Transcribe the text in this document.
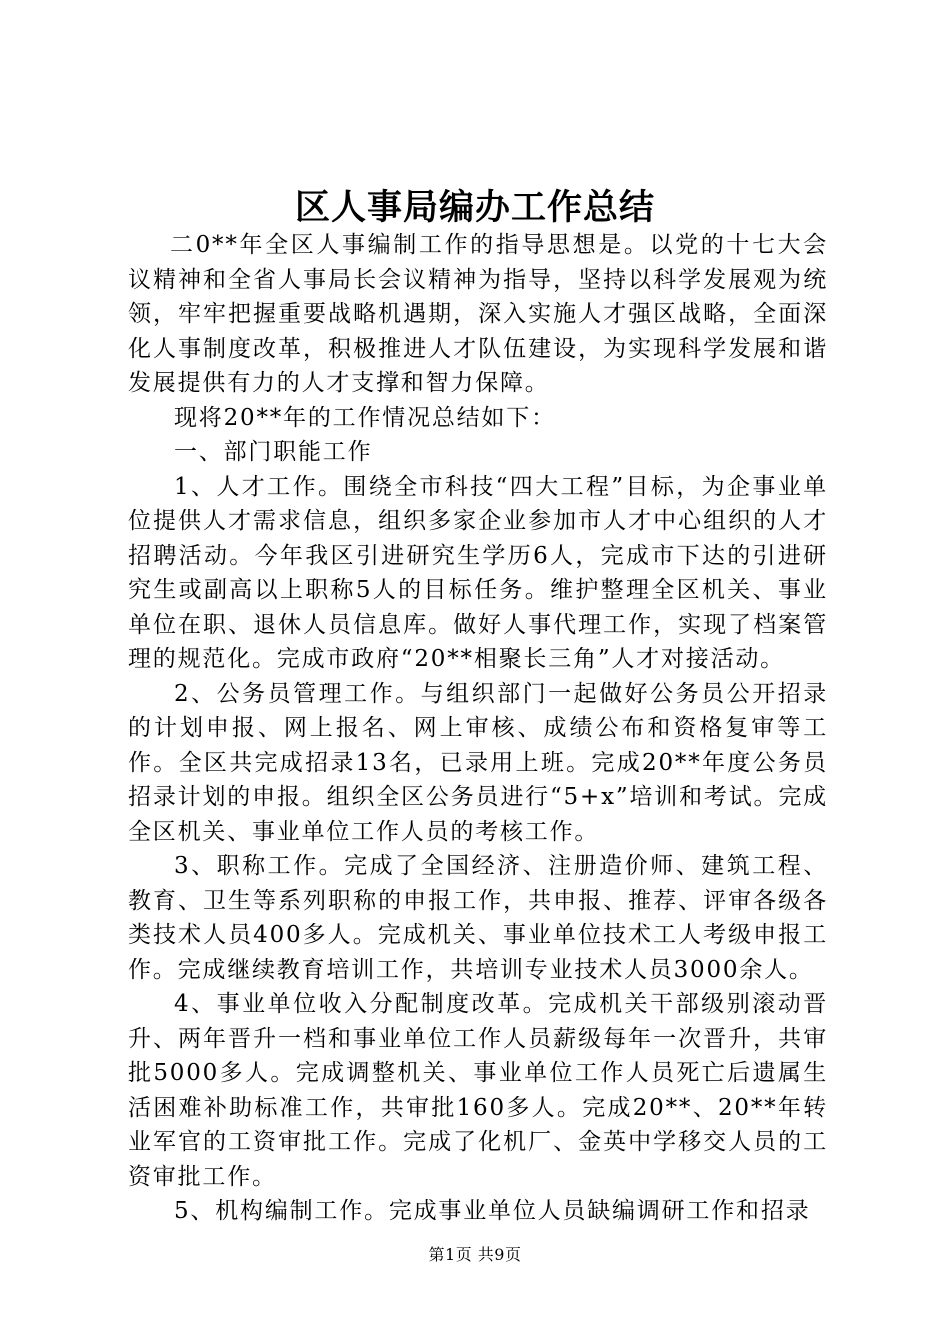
区人事局编办工作总结

二0**年全区人事编制工作的指导思想是。以党的十七大会议精神和全省人事局长会议精神为指导，坚持以科学发展观为统领，牢牢把握重要战略机遇期，深入实施人才强区战略，全面深化人事制度改革，积极推进人才队伍建设，为实现科学发展和谐发展提供有力的人才支撑和智力保障。

现将20**年的工作情况总结如下：

一、部门职能工作

1、人才工作。围绕全市科技“四大工程”目标，为企事业单位提供人才需求信息，组织多家企业参加市人才中心组织的人才招聘活动。今年我区引进研究生学历6人，完成市下达的引进研究生或副高以上职称5人的目标任务。维护整理全区机关、事业单位在职、退休人员信息库。做好人事代理工作，实现了档案管理的规范化。完成市政府“20**相聚长三角”人才对接活动。

2、公务员管理工作。与组织部门一起做好公务员公开招录的计划申报、网上报名、网上审核、成绩公布和资格复审等工作。全区共完成招录13名，已录用上班。完成20**年度公务员招录计划的申报。组织全区公务员进行“5+x”培训和考试。完成全区机关、事业单位工作人员的考核工作。

3、职称工作。完成了全国经济、注册造价师、建筑工程、教育、卫生等系列职称的申报工作，共申报、推荐、评审各级各类技术人员400多人。完成机关、事业单位技术工人考级申报工作。完成继续教育培训工作，共培训专业技术人员3000余人。

4、事业单位收入分配制度改革。完成机关干部级别滚动晋升、两年晋升一档和事业单位工作人员薪级每年一次晋升，共审批5000多人。完成调整机关、事业单位工作人员死亡后遗属生活困难补助标准工作，共审批160多人。完成20**、20**年转业军官的工资审批工作。完成了化机厂、金英中学移交人员的工资审批工作。

5、机构编制工作。完成事业单位人员缺编调研工作和招录

第1页 共9页
